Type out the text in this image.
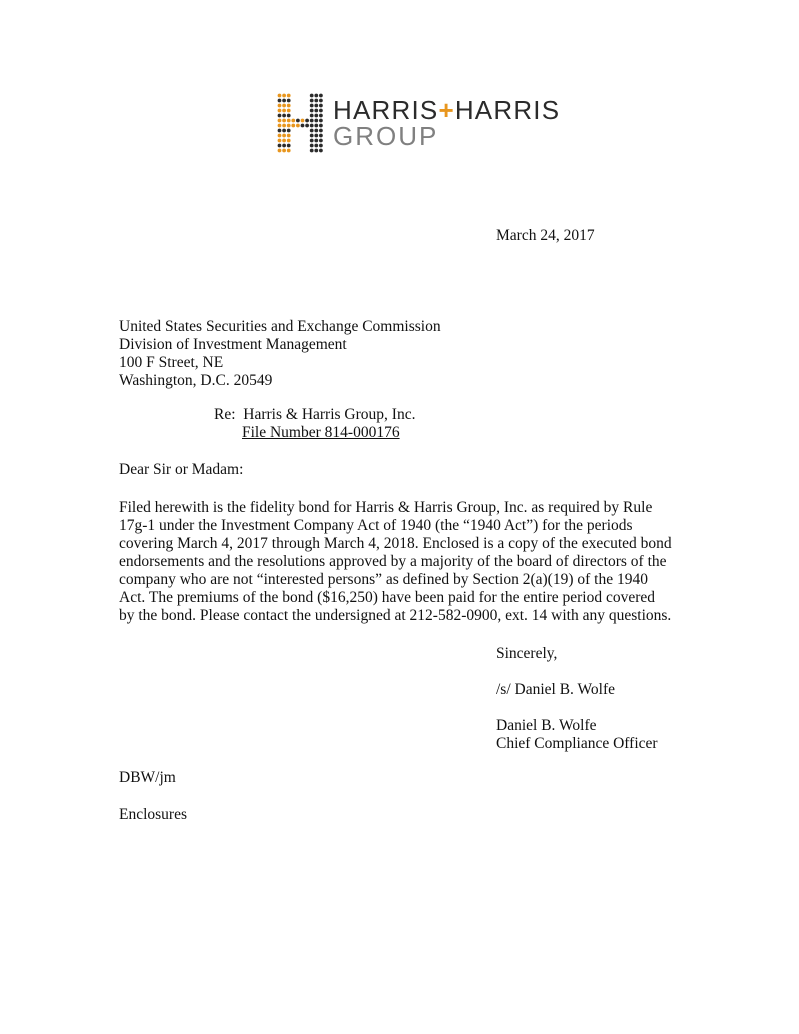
HARRIS+HARRIS
GROUP
March 24, 2017
United States Securities and Exchange Commission
Division of Investment Management
100 F Street, NE
Washington, D.C. 20549
Re: Harris & Harris Group, Inc.
File Number 814-000176
Dear Sir or Madam:
Filed herewith is the fidelity bond for Harris & Harris Group, Inc. as required by Rule
17g-1 under the Investment Company Act of 1940 (the “1940 Act”) for the periods
covering March 4, 2017 through March 4, 2018. Enclosed is a copy of the executed bond
endorsements and the resolutions approved by a majority of the board of directors of the
company who are not “interested persons” as defined by Section 2(a)(19) of the 1940
Act. The premiums of the bond ($16,250) have been paid for the entire period covered
by the bond. Please contact the undersigned at 212-582-0900, ext. 14 with any questions.
Sincerely,

/s/ Daniel B. Wolfe

Daniel B. Wolfe
Chief Compliance Officer
DBW/jm
Enclosures
